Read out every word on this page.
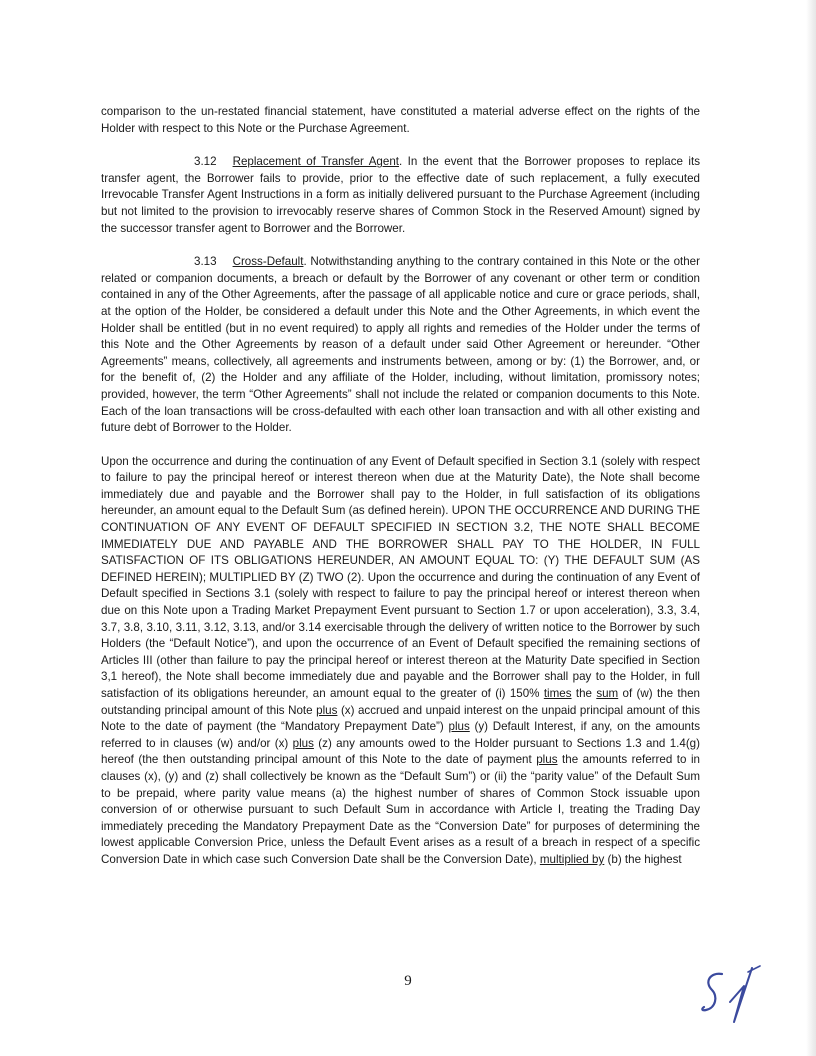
comparison to the un-restated financial statement, have constituted a material adverse effect on the rights of the Holder with respect to this Note or the Purchase Agreement.

3.12 Replacement of Transfer Agent. In the event that the Borrower proposes to replace its transfer agent, the Borrower fails to provide, prior to the effective date of such replacement, a fully executed Irrevocable Transfer Agent Instructions in a form as initially delivered pursuant to the Purchase Agreement (including but not limited to the provision to irrevocably reserve shares of Common Stock in the Reserved Amount) signed by the successor transfer agent to Borrower and the Borrower.

3.13 Cross-Default. Notwithstanding anything to the contrary contained in this Note or the other related or companion documents, a breach or default by the Borrower of any covenant or other term or condition contained in any of the Other Agreements, after the passage of all applicable notice and cure or grace periods, shall, at the option of the Holder, be considered a default under this Note and the Other Agreements, in which event the Holder shall be entitled (but in no event required) to apply all rights and remedies of the Holder under the terms of this Note and the Other Agreements by reason of a default under said Other Agreement or hereunder. “Other Agreements” means, collectively, all agreements and instruments between, among or by: (1) the Borrower, and, or for the benefit of, (2) the Holder and any affiliate of the Holder, including, without limitation, promissory notes; provided, however, the term “Other Agreements” shall not include the related or companion documents to this Note. Each of the loan transactions will be cross-defaulted with each other loan transaction and with all other existing and future debt of Borrower to the Holder.

Upon the occurrence and during the continuation of any Event of Default specified in Section 3.1 (solely with respect to failure to pay the principal hereof or interest thereon when due at the Maturity Date), the Note shall become immediately due and payable and the Borrower shall pay to the Holder, in full satisfaction of its obligations hereunder, an amount equal to the Default Sum (as defined herein). UPON THE OCCURRENCE AND DURING THE CONTINUATION OF ANY EVENT OF DEFAULT SPECIFIED IN SECTION 3.2, THE NOTE SHALL BECOME IMMEDIATELY DUE AND PAYABLE AND THE BORROWER SHALL PAY TO THE HOLDER, IN FULL SATISFACTION OF ITS OBLIGATIONS HEREUNDER, AN AMOUNT EQUAL TO: (Y) THE DEFAULT SUM (AS DEFINED HEREIN); MULTIPLIED BY (Z) TWO (2). Upon the occurrence and during the continuation of any Event of Default specified in Sections 3.1 (solely with respect to failure to pay the principal hereof or interest thereon when due on this Note upon a Trading Market Prepayment Event pursuant to Section 1.7 or upon acceleration), 3.3, 3.4, 3.7, 3.8, 3.10, 3.11, 3.12, 3.13, and/or 3.14 exercisable through the delivery of written notice to the Borrower by such Holders (the “Default Notice”), and upon the occurrence of an Event of Default specified the remaining sections of Articles III (other than failure to pay the principal hereof or interest thereon at the Maturity Date specified in Section 3,1 hereof), the Note shall become immediately due and payable and the Borrower shall pay to the Holder, in full satisfaction of its obligations hereunder, an amount equal to the greater of (i) 150% times the sum of (w) the then outstanding principal amount of this Note plus (x) accrued and unpaid interest on the unpaid principal amount of this Note to the date of payment (the “Mandatory Prepayment Date”) plus (y) Default Interest, if any, on the amounts referred to in clauses (w) and/or (x) plus (z) any amounts owed to the Holder pursuant to Sections 1.3 and 1.4(g) hereof (the then outstanding principal amount of this Note to the date of payment plus the amounts referred to in clauses (x), (y) and (z) shall collectively be known as the “Default Sum”) or (ii) the “parity value” of the Default Sum to be prepaid, where parity value means (a) the highest number of shares of Common Stock issuable upon conversion of or otherwise pursuant to such Default Sum in accordance with Article I, treating the Trading Day immediately preceding the Mandatory Prepayment Date as the “Conversion Date” for purposes of determining the lowest applicable Conversion Price, unless the Default Event arises as a result of a breach in respect of a specific Conversion Date in which case such Conversion Date shall be the Conversion Date), multiplied by (b) the highest

9
